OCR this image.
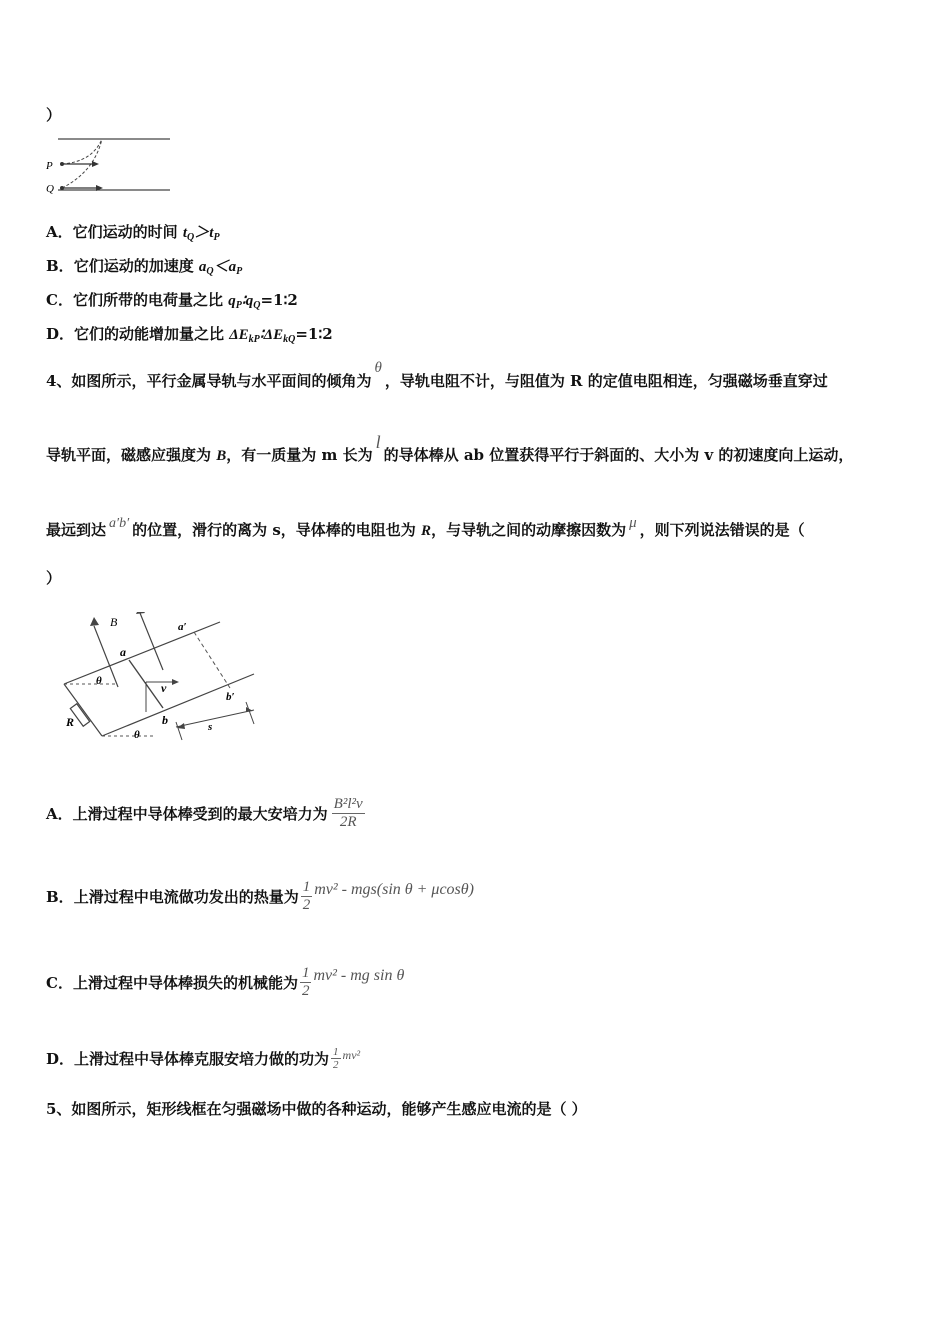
）
P
Q
A．它们运动的时间 $t_Q>t_P$
B．它们运动的加速度 $a_Q<a_P$
C．它们所带的电荷量之比 $q_P∶q_Q=1∶2$
D．它们的动能增加量之比 $\Delta E_{kP}∶\Delta E_{kQ}=1∶2$
4、如图所示，平行金属导轨与水平面间的倾角为θ，导轨电阻不计，与阻值为 R 的定值电阻相连，匀强磁场垂直穿过
导轨平面，磁感应强度为 B，有一质量为 m 长为l的导体棒从 ab 位置获得平行于斜面的、大小为 v 的初速度向上运动，
最远到达 a′b′ 的位置，滑行的离为 s，导体棒的电阻也为 R，与导轨之间的动摩擦因数为 μ ，则下列说法错误的是（
）
B
a
a′
b
b′
v
R
θ
θ
s
A． 上滑过程中导体棒受到的最大安培力为 $\frac{\text{B²l²v}}{2R}$
B． 上滑过程中电流做功发出的热量为 $\frac{1}{2} mv^2 - mgs(\sin$ θ + μcosθ)
C． 上滑过程中导体棒损失的机械能为 $\frac{1}{2} mv^2$ - mg sin θ
D． 上滑过程中导体棒克服安培力做的功为 $\frac{1}{2} mv^2$
5、如图所示，矩形线框在匀强磁场中做的各种运动，能够产生感应电流的是（ ）
